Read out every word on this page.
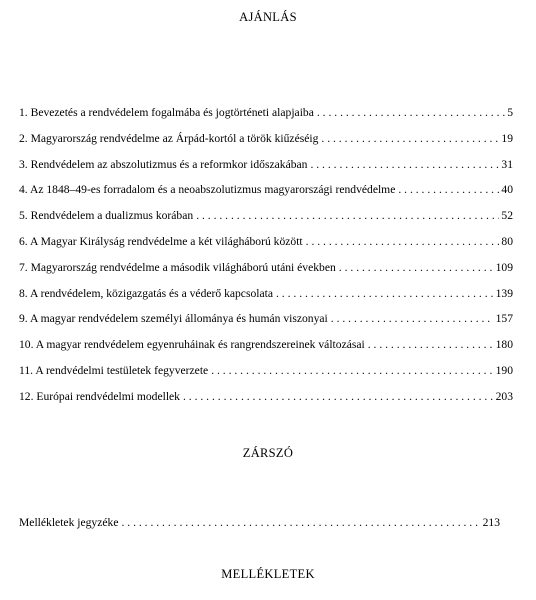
AJÁNLÁS
1. Bevezetés a rendvédelem fogalmába és jogtörténeti alapjaiba . . .	5
2. Magyarország rendvédelme az Árpád-kortól a török kiűzéséig . . .	19
3. Rendvédelem az abszolutizmus és a reformkor időszakában . . .	31
4. Az 1848–49-es forradalom és a neoabszolutizmus magyarországi rendvédelme . . .	40
5. Rendvédelem a dualizmus korában . . .	52
6. A Magyar Királyság rendvédelme a két világháború között . . .	80
7. Magyarország rendvédelme a második világháború utáni években . . .	109
8. A rendvédelem, közigazgatás és a véderő kapcsolata . . .	139
9. A magyar rendvédelem személyi állománya és humán viszonyai . . .	157
10. A magyar rendvédelem egyenruháinak és rangrendszereinek változásai . . .	180
11. A rendvédelmi testületek fegyverzete . . .	190
12. Európai rendvédelmi modellek . . .	203
ZÁRSZÓ
Mellékletek jegyzéke . . .	213
MELLÉKLETEK
